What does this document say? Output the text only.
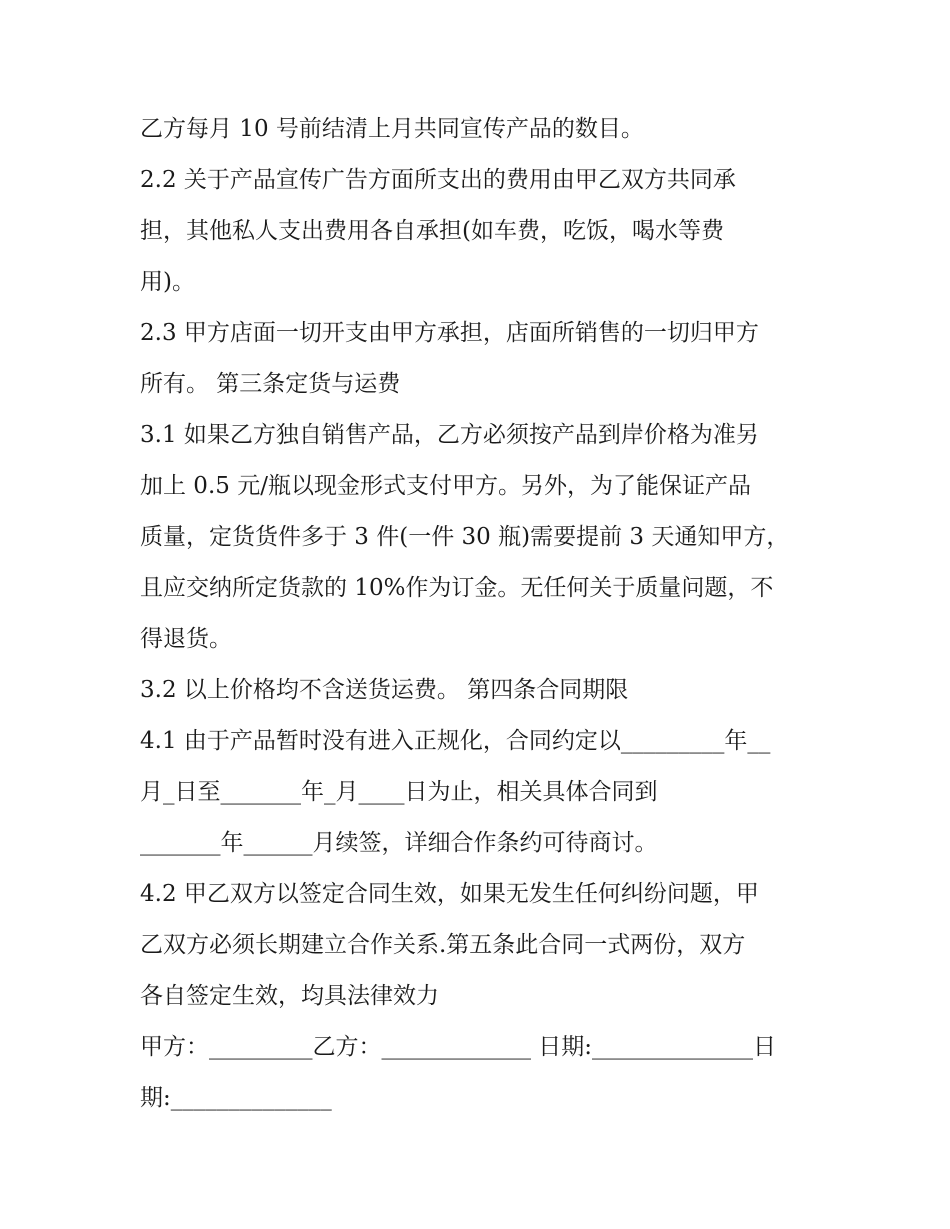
乙方每月 10 号前结清上月共同宣传产品的数目。
2.2 关于产品宣传广告方面所支出的费用由甲乙双方共同承
担，其他私人支出费用各自承担(如车费，吃饭，喝水等费
用)。
2.3 甲方店面一切开支由甲方承担，店面所销售的一切归甲方
所有。 第三条定货与运费
3.1 如果乙方独自销售产品，乙方必须按产品到岸价格为准另
加上 0.5 元/瓶以现金形式支付甲方。另外，为了能保证产品
质量，定货货件多于 3 件(一件 30 瓶)需要提前 3 天通知甲方，
且应交纳所定货款的 10%作为订金。无任何关于质量问题，不
得退货。
3.2 以上价格均不含送货运费。 第四条合同期限
4.1 由于产品暂时没有进入正规化，合同约定以_________年__
月_日至_______年_月____日为止，相关具体合同到
_______年______月续签，详细合作条约可待商讨。
4.2 甲乙双方以签定合同生效，如果无发生任何纠纷问题，甲
乙双方必须长期建立合作关系.第五条此合同一式两份，双方
各自签定生效，均具法律效力
甲方：_________乙方：_____________ 日期:______________日
期:______________
